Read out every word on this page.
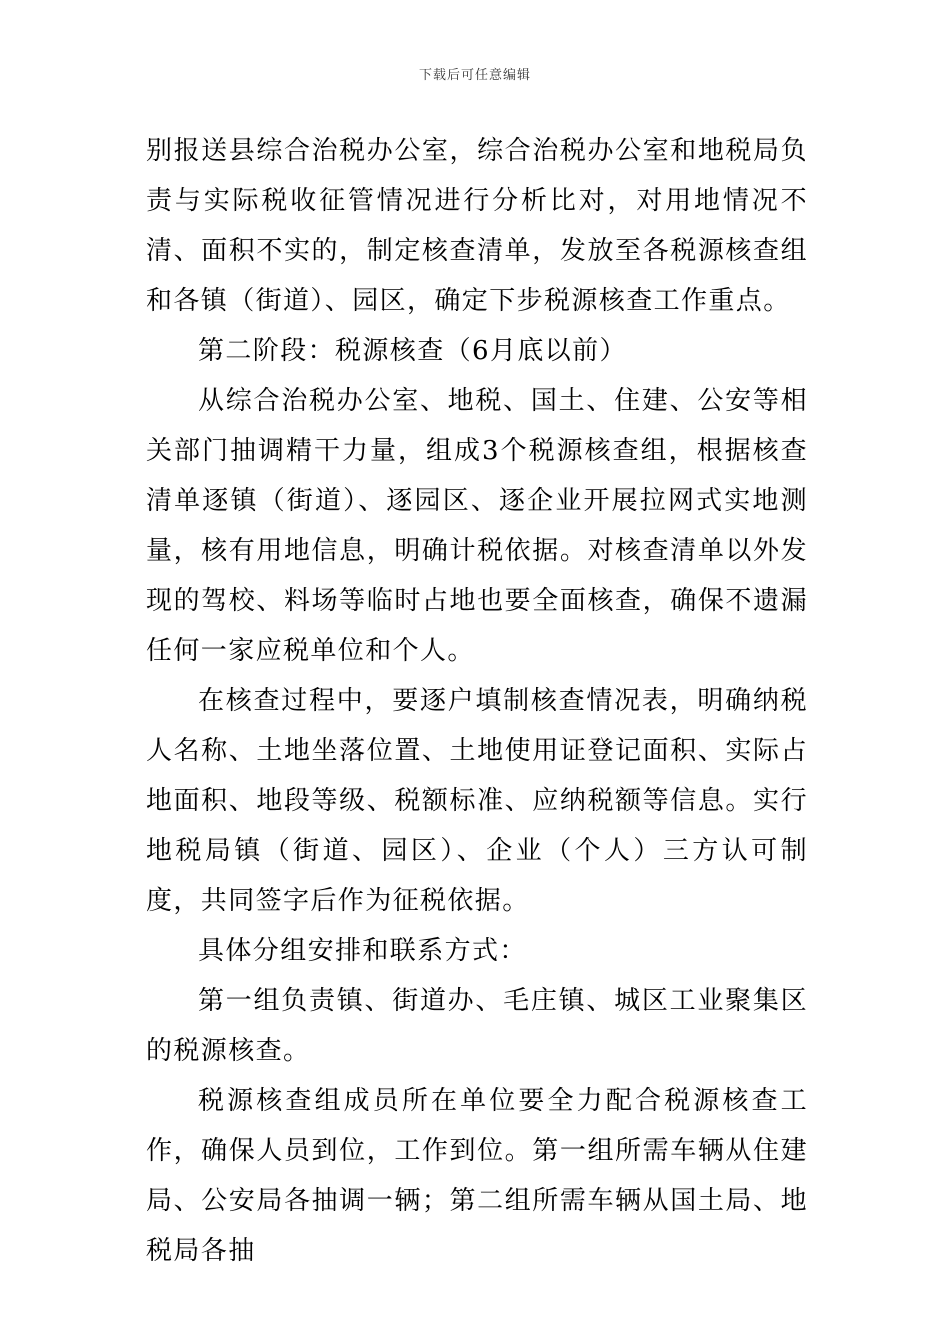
下载后可任意编辑

别报送县综合治税办公室，综合治税办公室和地税局负责与实际税收征管情况进行分析比对，对用地情况不清、面积不实的，制定核查清单，发放至各税源核查组和各镇（街道）、园区，确定下步税源核查工作重点。

第二阶段：税源核查（6月底以前）

从综合治税办公室、地税、国土、住建、公安等相关部门抽调精干力量，组成3个税源核查组，根据核查清单逐镇（街道）、逐园区、逐企业开展拉网式实地测量，核有用地信息，明确计税依据。对核查清单以外发现的驾校、料场等临时占地也要全面核查，确保不遗漏任何一家应税单位和个人。

在核查过程中，要逐户填制核查情况表，明确纳税人名称、土地坐落位置、土地使用证登记面积、实际占地面积、地段等级、税额标准、应纳税额等信息。实行地税局镇（街道、园区）、企业（个人）三方认可制度，共同签字后作为征税依据。

具体分组安排和联系方式：

第一组负责镇、街道办、毛庄镇、城区工业聚集区的税源核查。

税源核查组成员所在单位要全力配合税源核查工作，确保人员到位，工作到位。第一组所需车辆从住建局、公安局各抽调一辆；第二组所需车辆从国土局、地税局各抽
